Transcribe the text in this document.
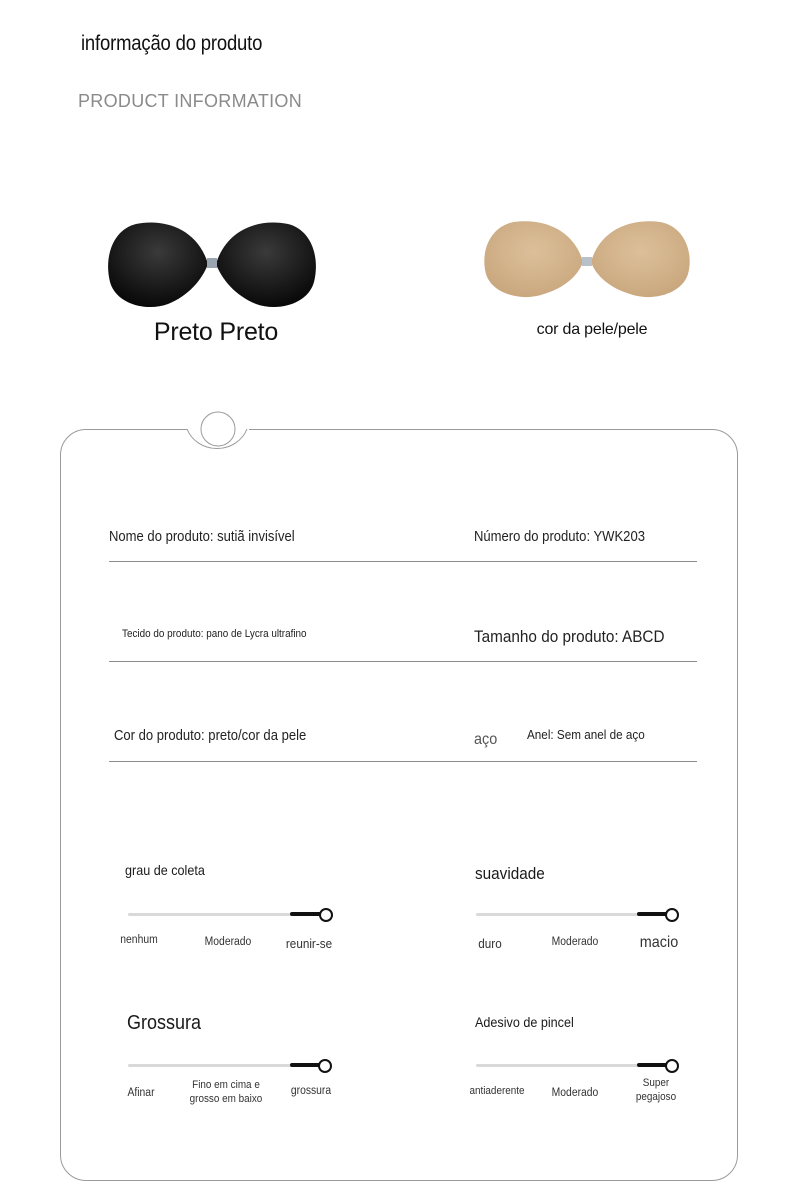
informação do produto
PRODUCT INFORMATION
Preto Preto	cor da pele/pele
Nome do produto: sutiã invisível	Número do produto: YWK203
Tecido do produto: pano de Lycra ultrafino	Tamanho do produto: ABCD
Cor do produto: preto/cor da pele	aço Anel: Sem anel de aço
grau de coleta
nenhum	Moderado	reunir-se
suavidade
duro	Moderado	macio
Grossura
Afinar
Fino em cima e grosso em baixo
grossura
Adesivo de pincel
antiaderente	Moderado
Super pegajoso
